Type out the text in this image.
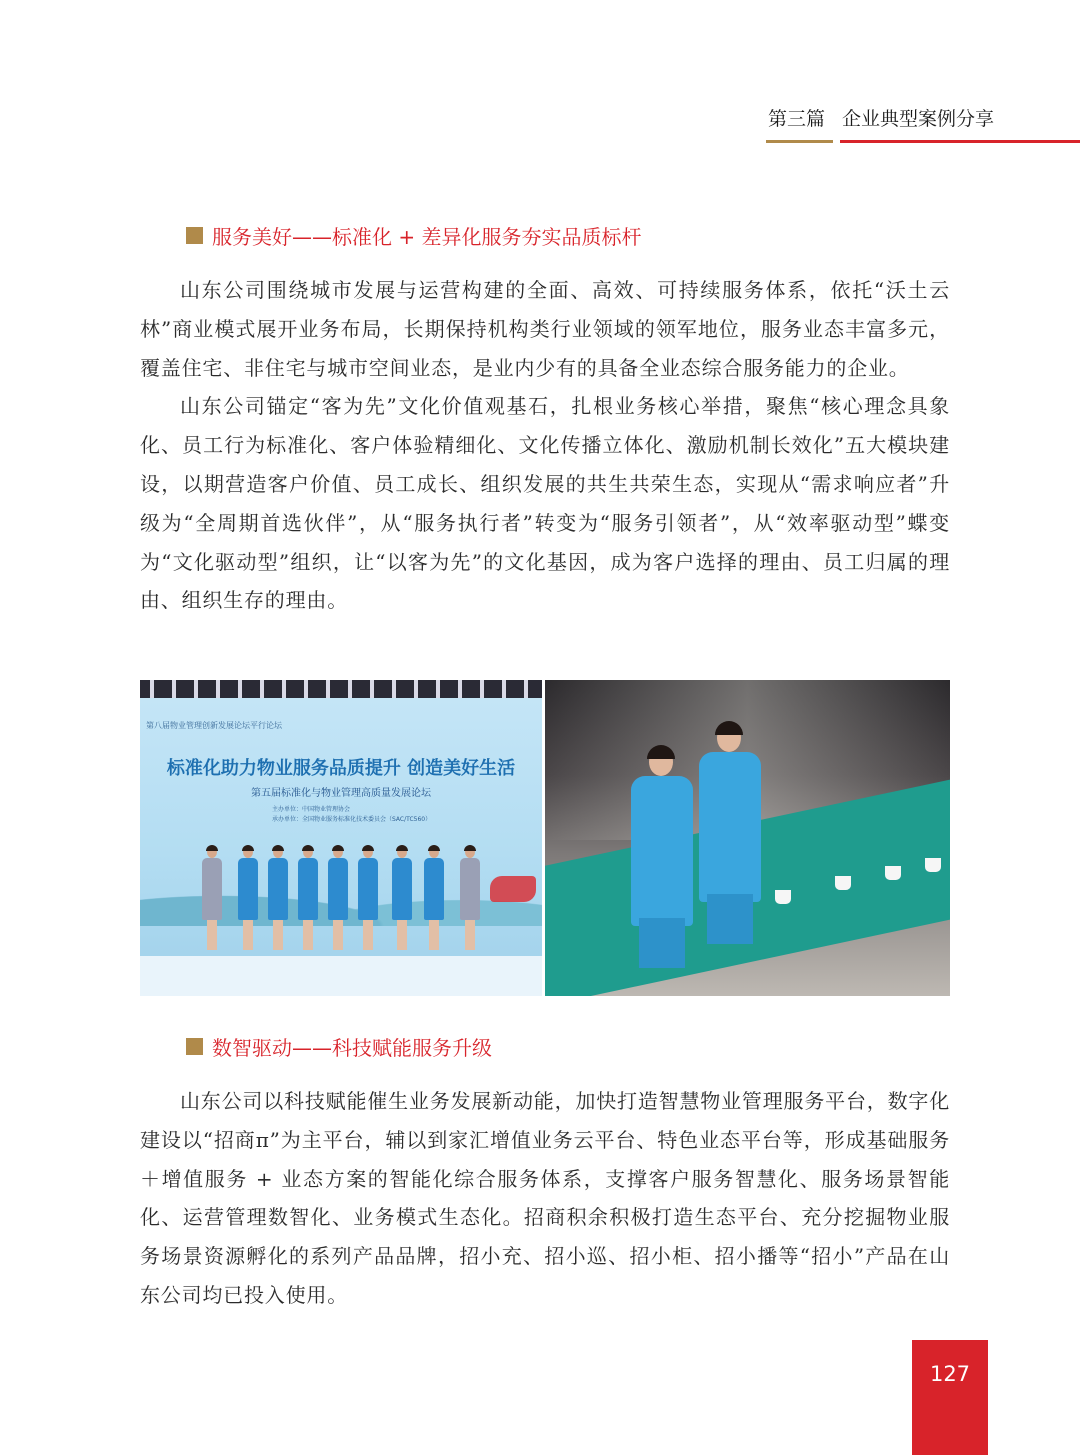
第三篇 企业典型案例分享
服务美好——标准化 + 差异化服务夯实品质标杆

山东公司围绕城市发展与运营构建的全面、高效、可持续服务体系，依托“沃土云林”商业模式展开业务布局，长期保持机构类行业领域的领军地位，服务业态丰富多元，覆盖住宅、非住宅与城市空间业态，是业内少有的具备全业态综合服务能力的企业。

山东公司锚定“客为先”文化价值观基石，扎根业务核心举措，聚焦“核心理念具象化、员工行为标准化、客户体验精细化、文化传播立体化、激励机制长效化”五大模块建设，以期营造客户价值、员工成长、组织发展的共生共荣生态，实现从“需求响应者”升级为“全周期首选伙伴”，从“服务执行者”转变为“服务引领者”，从“效率驱动型”蝶变为“文化驱动型”组织，让“以客为先”的文化基因，成为客户选择的理由、员工归属的理由、组织生存的理由。

第八届物业管理创新发展论坛平行论坛
标准化助力物业服务品质提升 创造美好生活
第五届标准化与物业管理高质量发展论坛
主办单位：中国物业管理协会
承办单位：全国物业服务标准化技术委员会（SAC/TC560）
数智驱动——科技赋能服务升级

山东公司以科技赋能催生业务发展新动能，加快打造智慧物业管理服务平台，数字化建设以“招商π”为主平台，辅以到家汇增值业务云平台、特色业态平台等，形成基础服务＋增值服务 + 业态方案的智能化综合服务体系，支撑客户服务智慧化、服务场景智能化、运营管理数智化、业务模式生态化。招商积余积极打造生态平台、充分挖掘物业服务场景资源孵化的系列产品品牌，招小充、招小巡、招小柜、招小播等“招小”产品在山东公司均已投入使用。

127
